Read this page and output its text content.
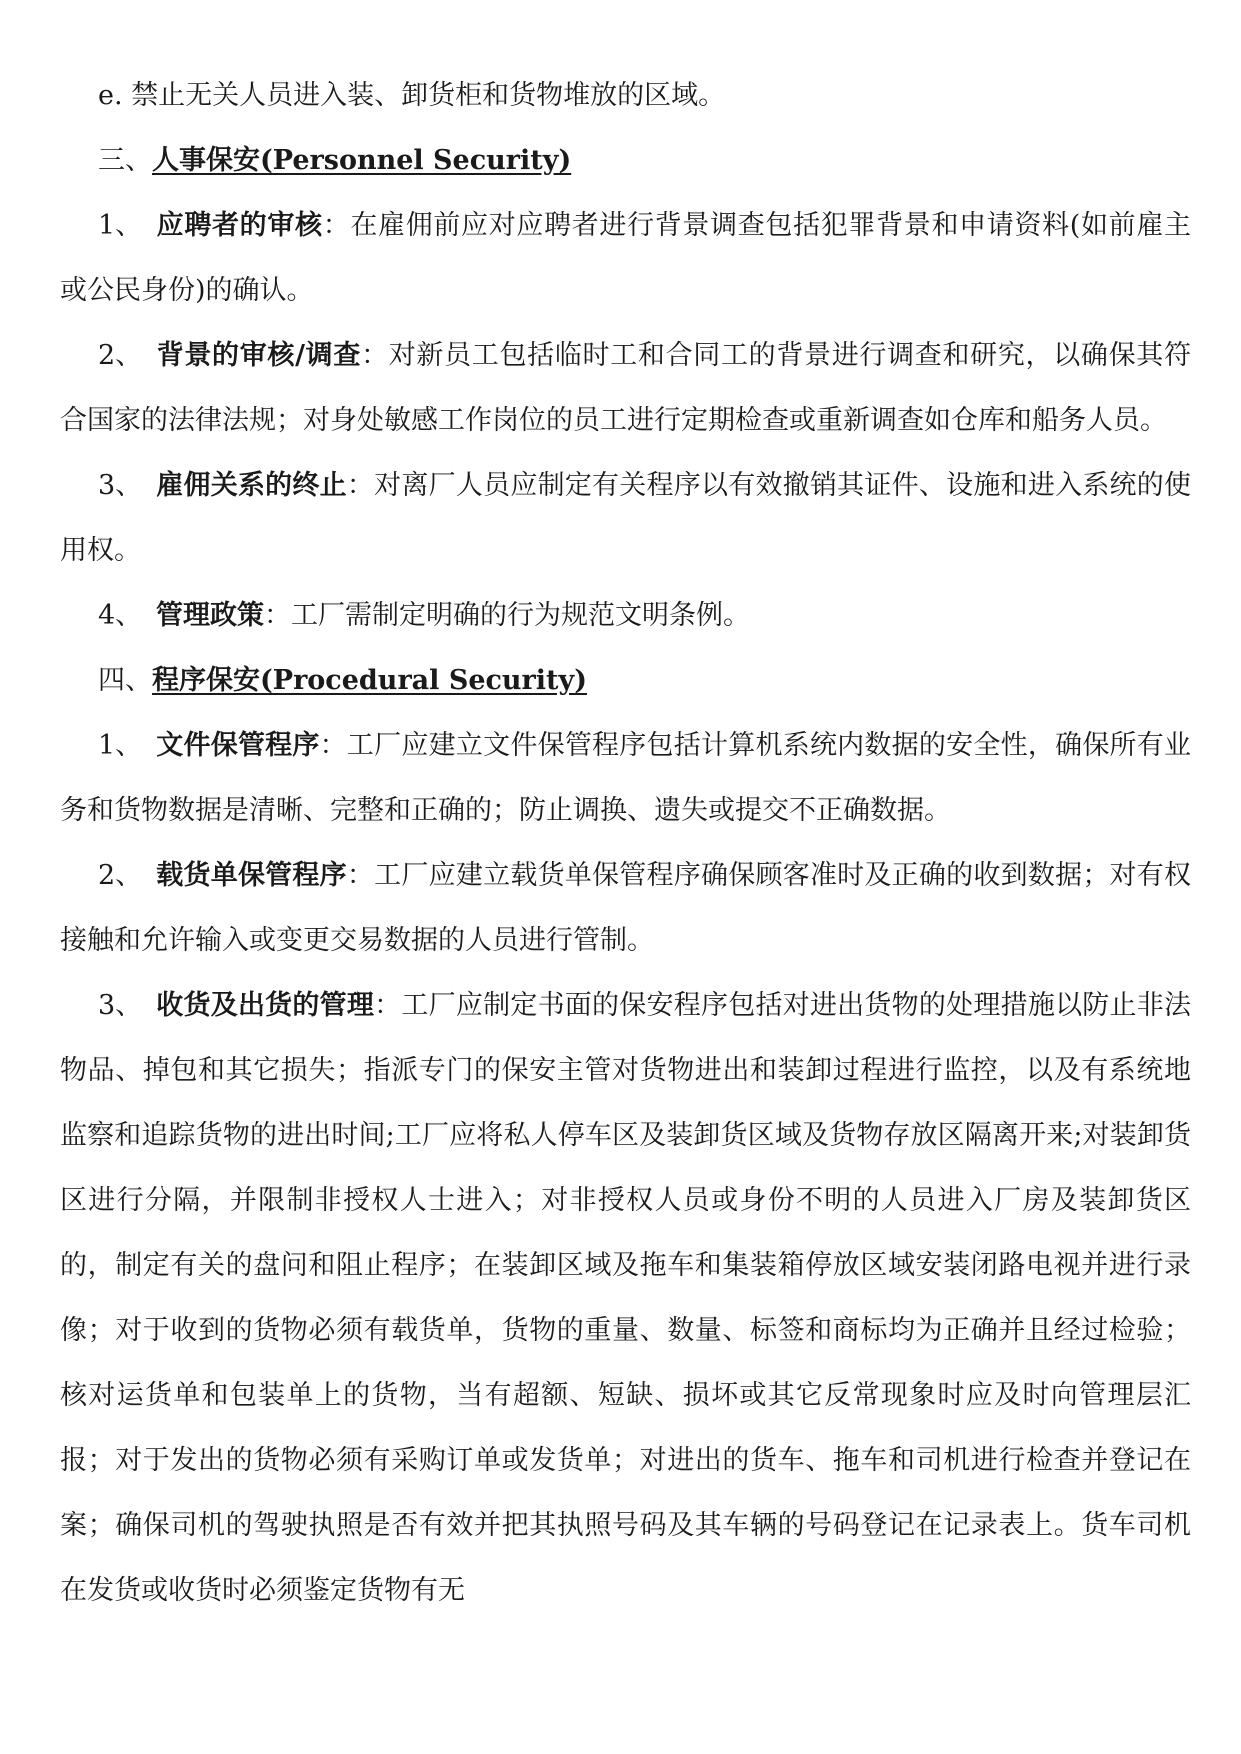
e. 禁止无关人员进入装、卸货柜和货物堆放的区域。

三、人事保安(Personnel Security)

1、 应聘者的审核：在雇佣前应对应聘者进行背景调查包括犯罪背景和申请资料(如前雇主或公民身份)的确认。

2、 背景的审核/调查：对新员工包括临时工和合同工的背景进行调查和研究，以确保其符合国家的法律法规；对身处敏感工作岗位的员工进行定期检查或重新调查如仓库和船务人员。

3、 雇佣关系的终止：对离厂人员应制定有关程序以有效撤销其证件、设施和进入系统的使用权。

4、 管理政策：工厂需制定明确的行为规范文明条例。

四、程序保安(Procedural Security)

1、 文件保管程序：工厂应建立文件保管程序包括计算机系统内数据的安全性，确保所有业务和货物数据是清晰、完整和正确的；防止调换、遗失或提交不正确数据。

2、 载货单保管程序：工厂应建立载货单保管程序确保顾客准时及正确的收到数据；对有权接触和允许输入或变更交易数据的人员进行管制。

3、 收货及出货的管理：工厂应制定书面的保安程序包括对进出货物的处理措施以防止非法物品、掉包和其它损失；指派专门的保安主管对货物进出和装卸过程进行监控，以及有系统地监察和追踪货物的进出时间;工厂应将私人停车区及装卸货区域及货物存放区隔离开来;对装卸货区进行分隔，并限制非授权人士进入；对非授权人员或身份不明的人员进入厂房及装卸货区的，制定有关的盘问和阻止程序；在装卸区域及拖车和集装箱停放区域安装闭路电视并进行录像；对于收到的货物必须有载货单，货物的重量、数量、标签和商标均为正确并且经过检验；核对运货单和包装单上的货物，当有超额、短缺、损坏或其它反常现象时应及时向管理层汇报；对于发出的货物必须有采购订单或发货单；对进出的货车、拖车和司机进行检查并登记在案；确保司机的驾驶执照是否有效并把其执照号码及其车辆的号码登记在记录表上。货车司机在发货或收货时必须鉴定货物有无
